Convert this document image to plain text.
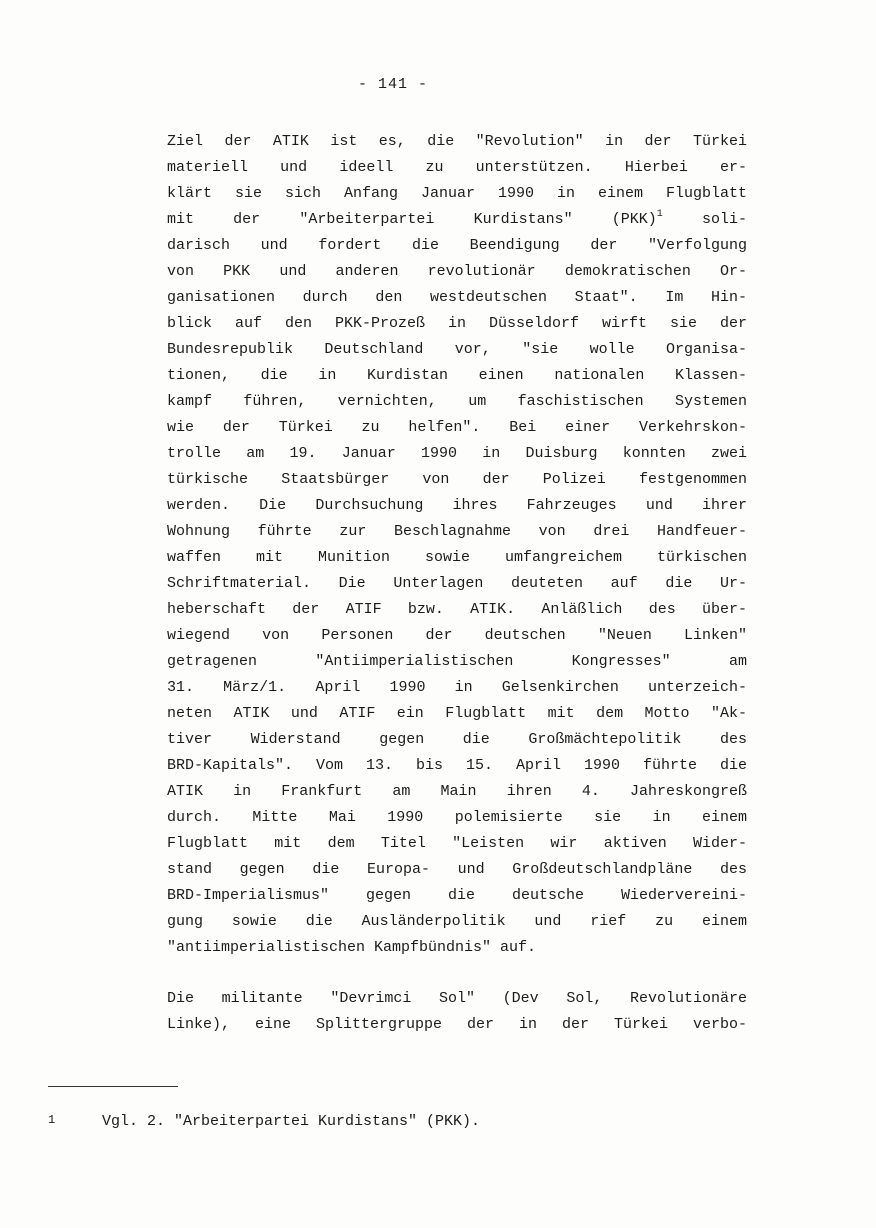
- 141 -
Ziel der ATIK ist es, die "Revolution" in der Türkei
materiell und ideell zu unterstützen. Hierbei er-
klärt sie sich Anfang Januar 1990 in einem Flugblatt
mit der "Arbeiterpartei Kurdistans" (PKK)$^1$	soli-
darisch und fordert die Beendigung der "Verfolgung
von PKK und anderen revolutionär demokratischen Or-
ganisationen durch den westdeutschen Staat". Im Hin-
blick auf den PKK-Prozeß in Düsseldorf wirft sie der
Bundesrepublik Deutschland vor, "sie wolle Organisa-
tionen, die in Kurdistan einen nationalen Klassen-
kampf führen, vernichten, um faschistischen Systemen
wie der Türkei zu helfen". Bei einer Verkehrskon-
trolle am 19. Januar 1990 in Duisburg konnten zwei
türkische Staatsbürger von der Polizei festgenommen
werden. Die Durchsuchung ihres Fahrzeuges und ihrer
Wohnung führte zur Beschlagnahme von drei Handfeuer-
waffen mit Munition sowie umfangreichem türkischen
Schriftmaterial. Die Unterlagen deuteten auf die Ur-
heberschaft der ATIF bzw. ATIK. Anläßlich des über-
wiegend von Personen der deutschen "Neuen Linken"
getragenen "Antiimperialistischen Kongresses" am
31. März/1. April 1990 in Gelsenkirchen unterzeich-
neten ATIK und ATIF ein Flugblatt mit dem Motto "Ak-
tiver Widerstand gegen die Großmächtepolitik des
BRD-Kapitals". Vom 13. bis 15. April 1990 führte die
ATIK in Frankfurt am Main ihren 4. Jahreskongreß
durch. Mitte Mai 1990 polemisierte sie in einem
Flugblatt mit dem Titel "Leisten wir aktiven Wider-
stand gegen die Europa- und Großdeutschlandpläne des
BRD-Imperialismus" gegen die deutsche Wiedervereini-
gung sowie die Ausländerpolitik und rief zu einem
"antiimperialistischen Kampfbündnis" auf.
Die militante "Devrimci Sol" (Dev Sol, Revolutionäre
Linke), eine Splittergruppe der in der Türkei verbo-
1	Vgl. 2. "Arbeiterpartei Kurdistans" (PKK).
